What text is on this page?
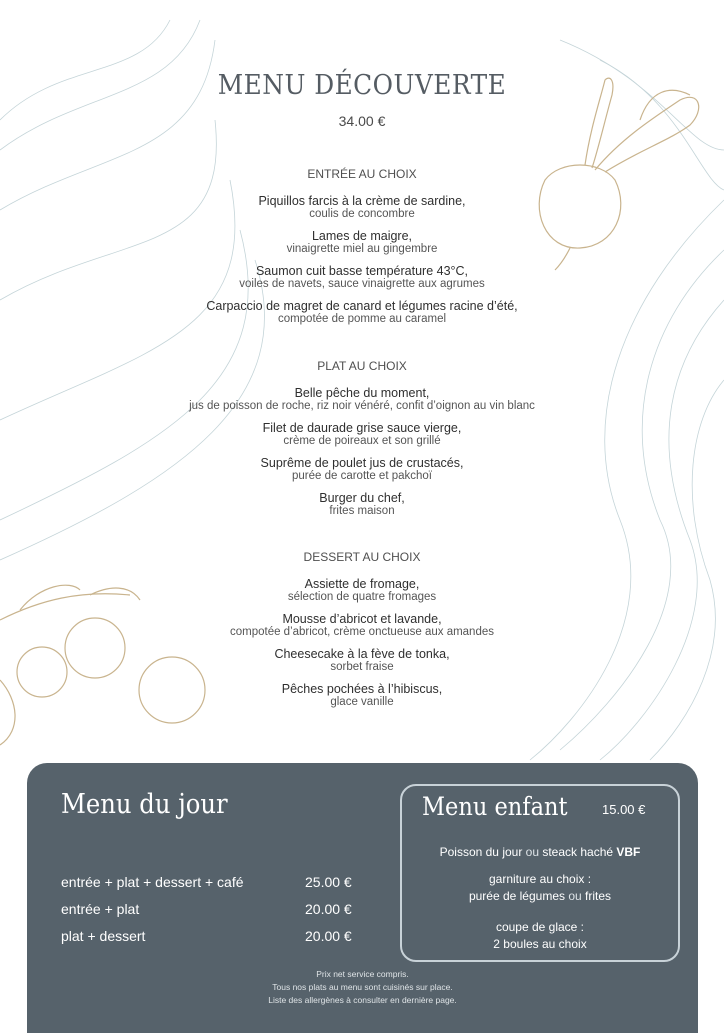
MENU DÉCOUVERTE
34.00 €
ENTRÉE AU CHOIX
Piquillos farcis à la crème de sardine,
coulis de concombre
Lames de maigre,
vinaigrette miel au gingembre
Saumon cuit basse température 43°C,
voiles de navets, sauce vinaigrette aux agrumes
Carpaccio de magret de canard et légumes racine d’été,
compotée de pomme au caramel
PLAT AU CHOIX
Belle pêche du moment,
jus de poisson de roche, riz noir vénéré, confit d’oignon au vin blanc
Filet de daurade grise sauce vierge,
crème de poireaux et son grillé
Suprême de poulet jus de crustacés,
purée de carotte et pakchoï
Burger du chef,
frites maison
DESSERT AU CHOIX
Assiette de fromage,
sélection de quatre fromages
Mousse d’abricot et lavande,
compotée d’abricot, crème onctueuse aux amandes
Cheesecake à la fève de tonka,
sorbet fraise
Pêches pochées à l’hibiscus,
glace vanille
Menu du jour
entrée + plat + dessert + café	25.00 €
entrée + plat	20.00 €
plat + dessert	20.00 €
Menu enfant	15.00 €
Poisson du jour ou steack haché VBF
garniture au choix :
purée de légumes ou frites
coupe de glace :
2 boules au choix
Prix net service compris.
Tous nos plats au menu sont cuisinés sur place.
Liste des allergènes à consulter en dernière page.
